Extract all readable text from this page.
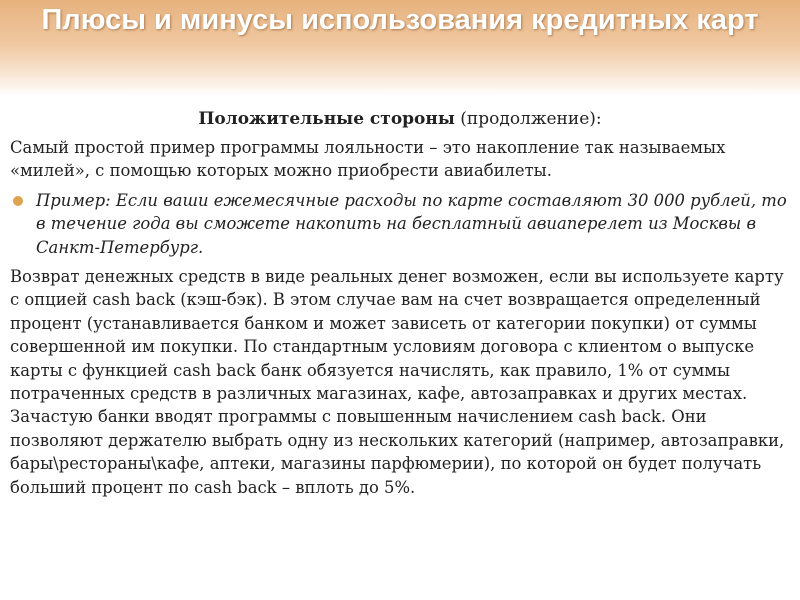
Плюсы и минусы использования кредитных карт
Положительные стороны (продолжение):

Самый простой пример программы лояльности – это накопление так называемых «милей», с помощью которых можно приобрести авиабилеты.

Пример: Если ваши ежемесячные расходы по карте составляют 30 000 рублей, то в течение года вы сможете накопить на бесплатный авиаперелет из Москвы в Санкт-Петербург.

Возврат денежных средств в виде реальных денег возможен, если вы используете карту с опцией cash back (кэш-бэк). В этом случае вам на счет возвращается определенный процент (устанавливается банком и может зависеть от категории покупки) от суммы совершенной им покупки. По стандартным условиям договора с клиентом о выпуске карты с функцией cash back банк обязуется начислять, как правило, 1% от суммы потраченных средств в различных магазинах, кафе, автозаправках и других местах. Зачастую банки вводят программы с повышенным начислением cash back. Они позволяют держателю выбрать одну из нескольких категорий (например, автозаправки, бары\рестораны\кафе, аптеки, магазины парфюмерии), по которой он будет получать больший процент по cash back – вплоть до 5%.
